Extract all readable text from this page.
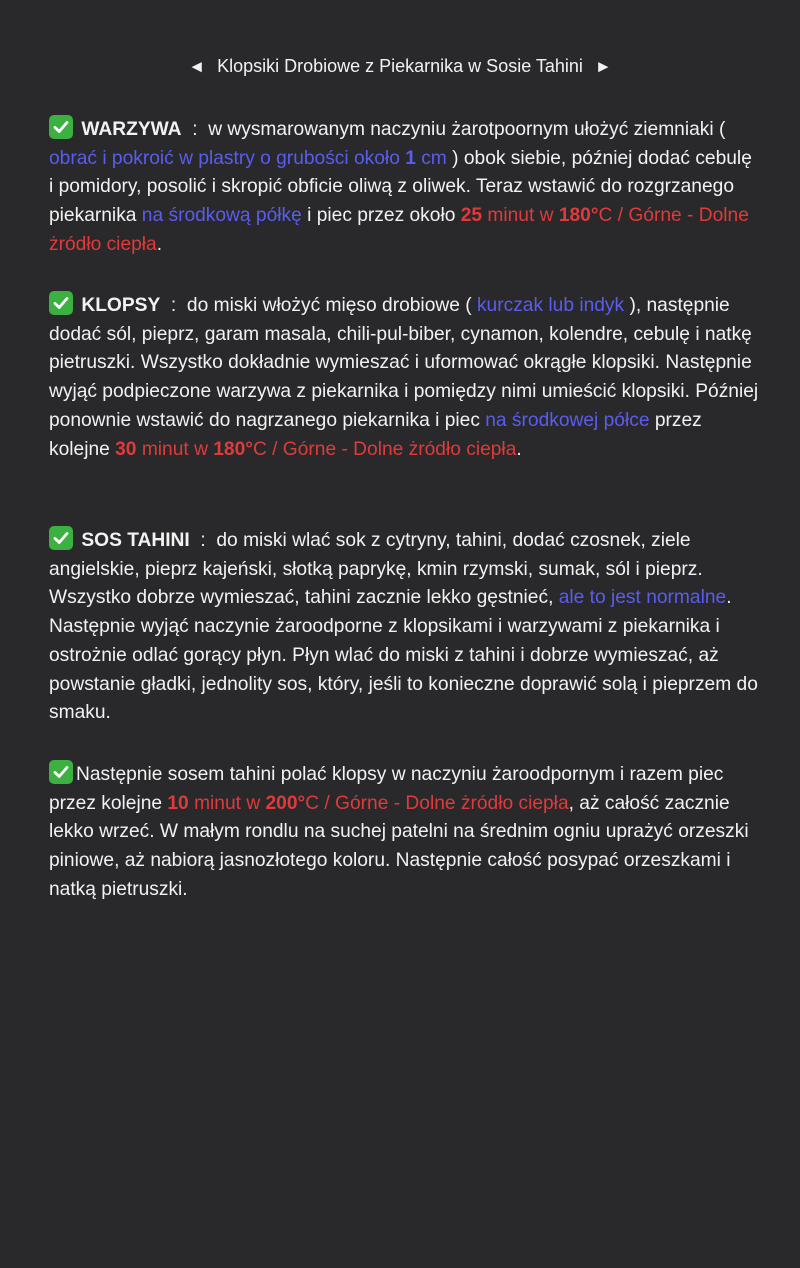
◄ Klopsiki Drobiowe z Piekarnika w Sosie Tahini ►
WARZYWA  :  w wysmarowanym naczyniu żarotpoornym ułożyć ziemniaki ( obrać i pokroić w plastry o grubości około 1 cm ) obok siebie, później dodać cebulę i pomidory, posolić i skropić obficie oliwą z oliwek. Teraz wstawić do rozgrzanego piekarnika na środkową półkę i piec przez około 25 minut w 180°C / Górne - Dolne żródło ciepła.
KLOPSY  :  do miski włożyć mięso drobiowe ( kurczak lub indyk ), następnie dodać sól, pieprz, garam masala, chili-pul-biber, cynamon, kolendre, cebulę i natkę pietruszki. Wszystko dokładnie wymieszać i uformować okrągłe klopsiki. Następnie wyjąć podpieczone warzywa z piekarnika i pomiędzy nimi umieścić klopsiki. Później ponownie wstawić do nagrzanego piekarnika i piec na środkowej półce przez kolejne 30 minut w 180°C / Górne - Dolne żródło ciepła.
SOS TAHINI  :  do miski wlać sok z cytryny, tahini, dodać czosnek, ziele angielskie, pieprz kajeński, słotką paprykę, kmin rzymski, sumak, sól i pieprz. Wszystko dobrze wymieszać, tahini zacznie lekko gęstnieć, ale to jest normalne. Następnie wyjąć naczynie żaroodporne z klopsikami i warzywami z piekarnika i ostrożnie odlać gorący płyn. Płyn wlać do miski z tahini i dobrze wymieszać, aż powstanie gładki, jednolity sos, który, jeśli to konieczne doprawić solą i pieprzem do smaku.
Następnie sosem tahini polać klopsy w naczyniu żaroodpornym i razem piec przez kolejne 10 minut w 200°C / Górne - Dolne żródło ciepła, aż całość zacznie lekko wrzeć. W małym rondlu na suchej patelni na średnim ogniu uprażyć orzeszki piniowe, aż nabiorą jasnozłotego koloru. Następnie całość posypać orzeszkami i natką pietruszki.
